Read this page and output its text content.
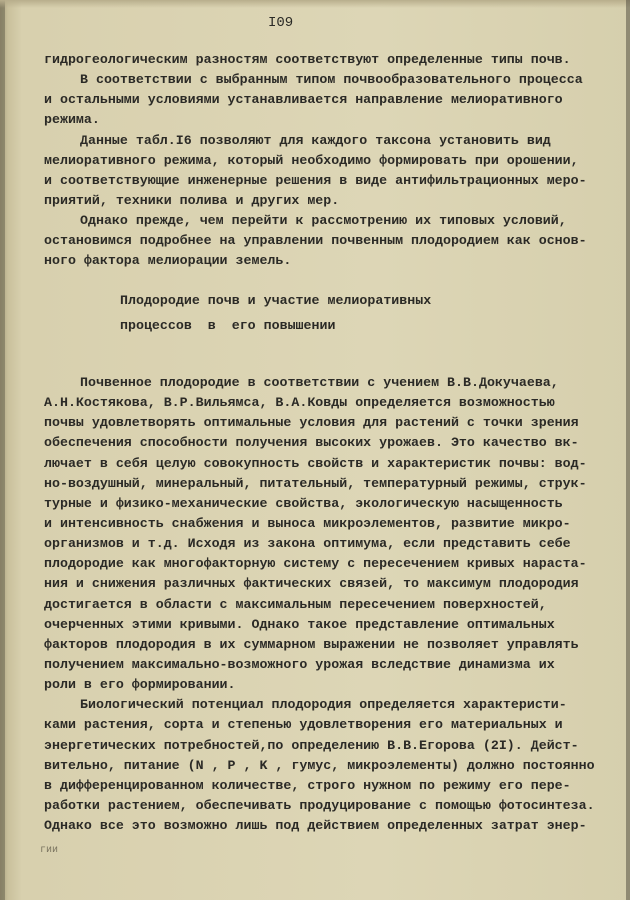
I09
гидрогеологическим разностям соответствуют определенные типы почв.
В соответствии с выбранным типом почвообразовательного процесса
и остальными условиями устанавливается направление мелиоративного
режима.
Данные табл.I6 позволяют для каждого таксона установить вид
мелиоративного режима, который необходимо формировать при орошении,
и соответствующие инженерные решения в виде антифильтрационных меро-
приятий, техники полива и других мер.
Однако прежде, чем перейти к рассмотрению их типовых условий,
остановимся подробнее на управлении почвенным плодородием как основ-
ного фактора мелиорации земель.
Плодородие почв и участие мелиоративных
процессов  в  его повышении
Почвенное плодородие в соответствии с учением В.В.Докучаева,
А.Н.Костякова, В.Р.Вильямса, В.А.Ковды определяется возможностью
почвы удовлетворять оптимальные условия для растений с точки зрения
обеспечения способности получения высоких урожаев. Это качество вк-
лючает в себя целую совокупность свойств и характеристик почвы: вод-
но-воздушный, минеральный, питательный, температурный режимы, струк-
турные и физико-механические свойства, экологическую насыщенность
и интенсивность снабжения и выноса микроэлементов, развитие микро-
организмов и т.д. Исходя из закона оптимума, если представить себе
плодородие как многофакторную систему с пересечением кривых нараста-
ния и снижения различных фактических связей, то максимум плодородия
достигается в области с максимальным пересечением поверхностей,
очерченных этими кривыми. Однако такое представление оптимальных
факторов плодородия в их суммарном выражении не позволяет управлять
получением максимально-возможного урожая вследствие динамизма их
роли в его формировании.
Биологический потенциал плодородия определяется характеристи-
ками растения, сорта и степенью удовлетворения его материальных и
энергетических потребностей,по определению В.В.Егорова (2I). Дейст-
вительно, питание (N , P , K , гумус, микроэлементы) должно постоянно
в дифференцированном количестве, строго нужном по режиму его пере-
работки растением, обеспечивать продуцирование с помощью фотосинтеза.
Однако все это возможно лишь под действием определенных затрат энер-
гии
